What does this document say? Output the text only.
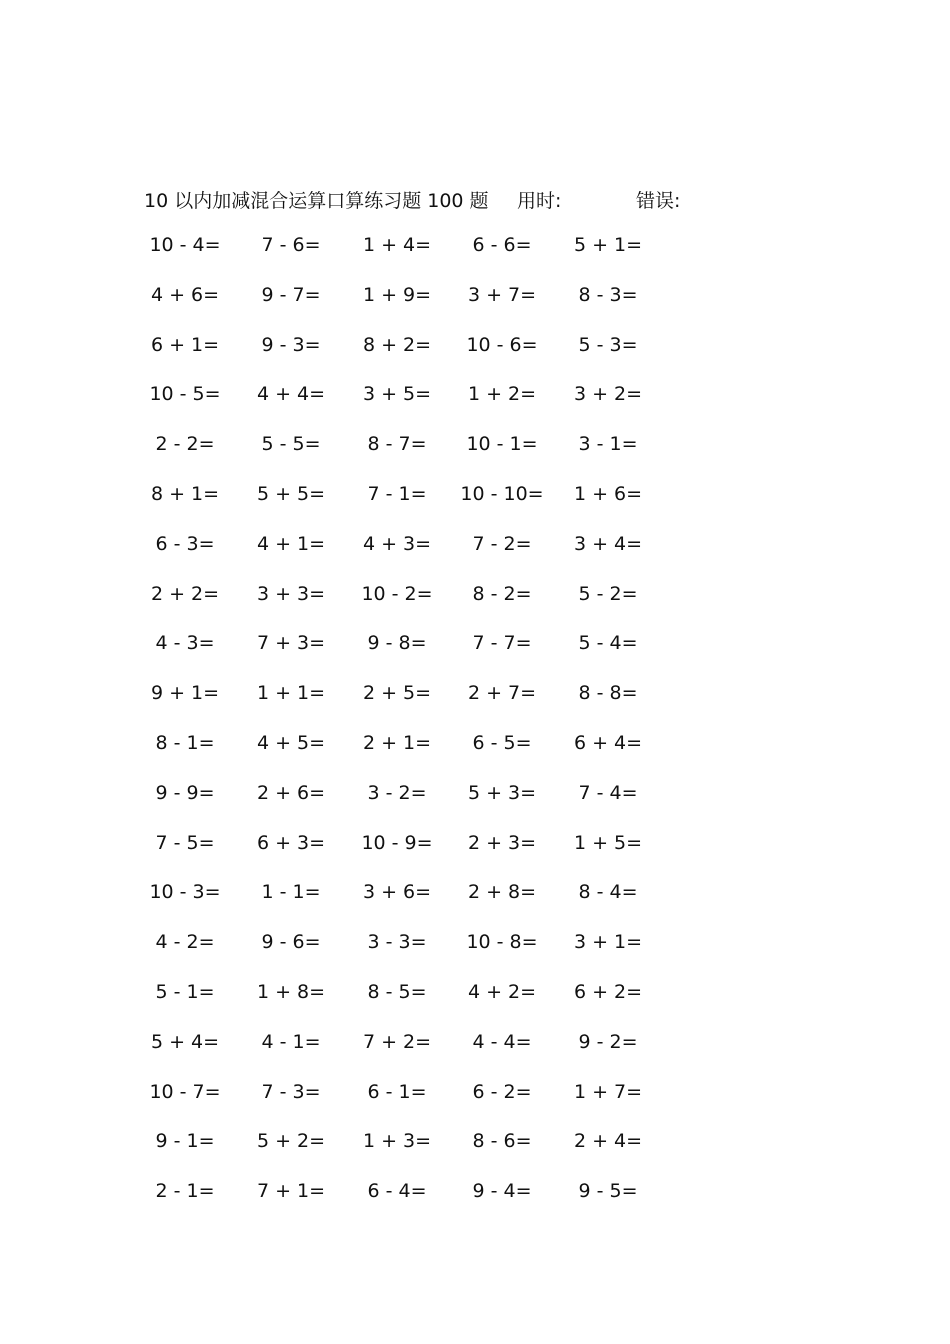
10 以内加减混合运算口算练习题 100 题 用时:	错误:
10 - 4=	7 - 6=	1 + 4=	6 - 6=	5 + 1=
4 + 6=	9 - 7=	1 + 9=	3 + 7=	8 - 3=
6 + 1=	9 - 3=	8 + 2=	10 - 6=	5 - 3=
10 - 5=	4 + 4=	3 + 5=	1 + 2=	3 + 2=
2 - 2=	5 - 5=	8 - 7=	10 - 1=	3 - 1=
8 + 1=	5 + 5=	7 - 1=	10 - 10=	1 + 6=
6 - 3=	4 + 1=	4 + 3=	7 - 2=	3 + 4=
2 + 2=	3 + 3=	10 - 2=	8 - 2=	5 - 2=
4 - 3=	7 + 3=	9 - 8=	7 - 7=	5 - 4=
9 + 1=	1 + 1=	2 + 5=	2 + 7=	8 - 8=
8 - 1=	4 + 5=	2 + 1=	6 - 5=	6 + 4=
9 - 9=	2 + 6=	3 - 2=	5 + 3=	7 - 4=
7 - 5=	6 + 3=	10 - 9=	2 + 3=	1 + 5=
10 - 3=	1 - 1=	3 + 6=	2 + 8=	8 - 4=
4 - 2=	9 - 6=	3 - 3=	10 - 8=	3 + 1=
5 - 1=	1 + 8=	8 - 5=	4 + 2=	6 + 2=
5 + 4=	4 - 1=	7 + 2=	4 - 4=	9 - 2=
10 - 7=	7 - 3=	6 - 1=	6 - 2=	1 + 7=
9 - 1=	5 + 2=	1 + 3=	8 - 6=	2 + 4=
2 - 1=	7 + 1=	6 - 4=	9 - 4=	9 - 5=
